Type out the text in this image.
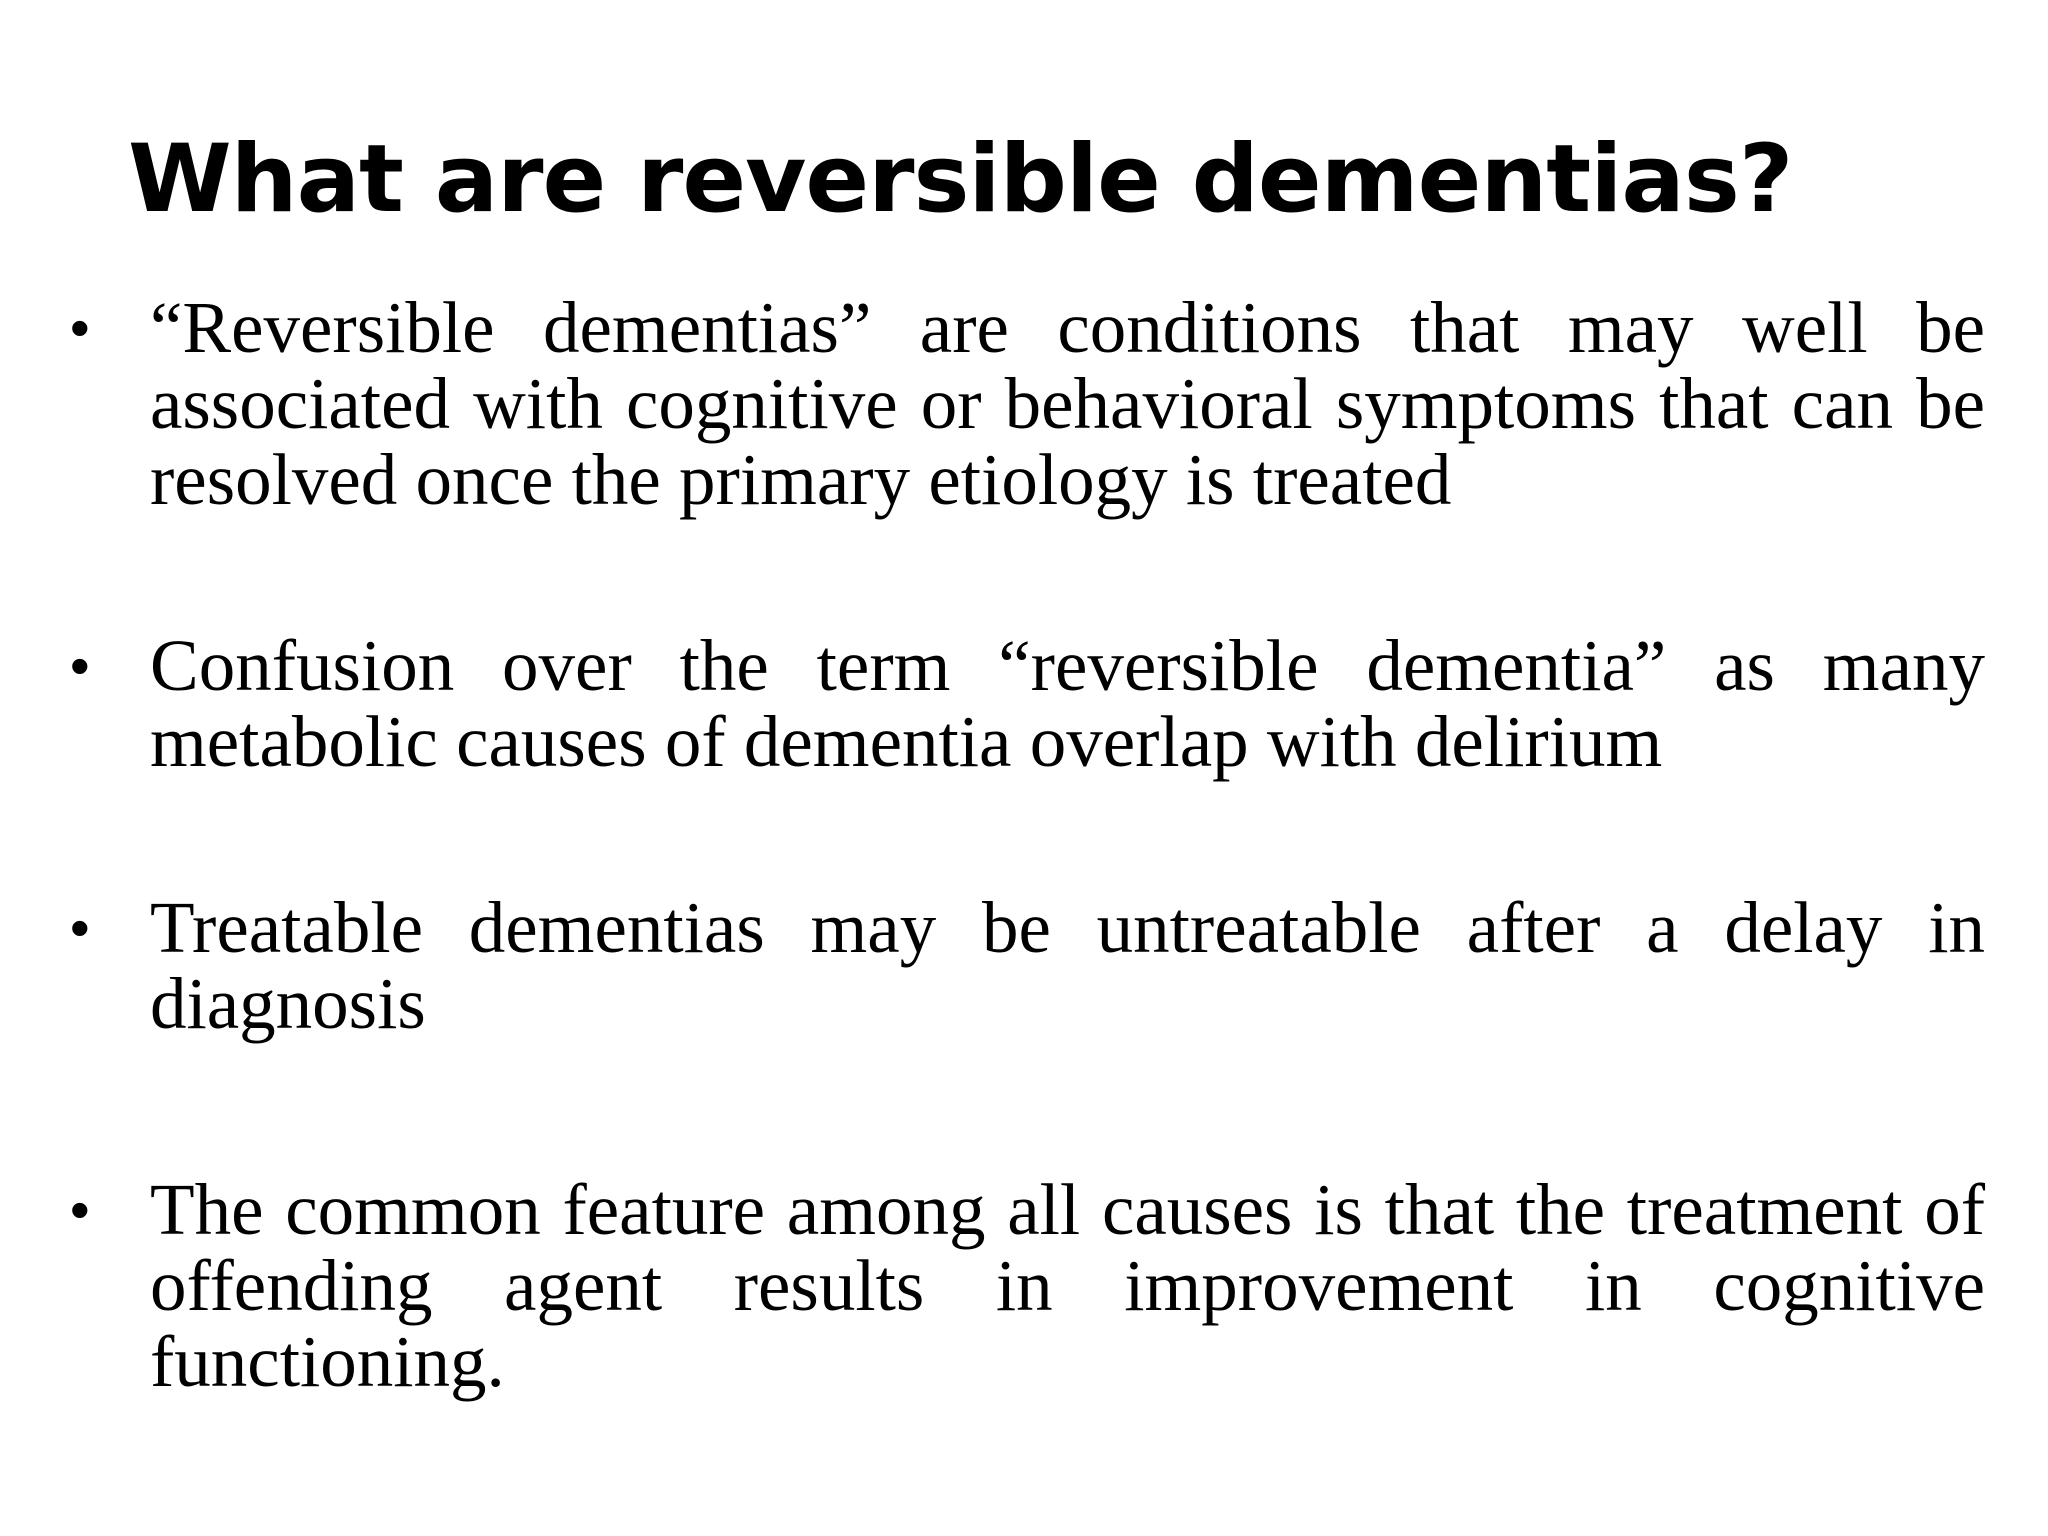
What are reversible dementias?
• “Reversible dementias” are conditions that may well be associated with cognitive or behavioral symptoms that can be resolved once the primary etiology is treated
• Confusion over the term “reversible dementia” as many metabolic causes of dementia overlap with delirium
• Treatable dementias may be untreatable after a delay in diagnosis
• The common feature among all causes is that the treatment of offending agent results in improvement in cognitive functioning.
